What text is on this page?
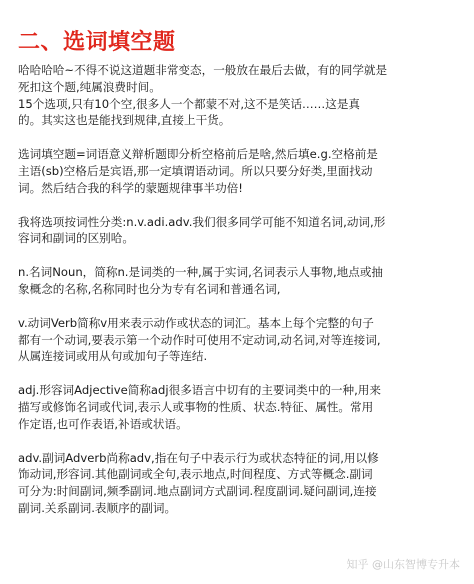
二、选词填空题
哈哈哈哈~不得不说这道题非常变态，一般放在最后去做，有的同学就是
死扣这个题,纯属浪费时间。
15个选项,只有10个空,很多人一个都蒙不对,这不是笑话……这是真
的。其实这也是能找到规律,直接上干货。
选词填空题=词语意义辩析题即分析空格前后是啥,然后填e.g.空格前是
主语(sb)空格后是宾语,那一定填谓语动词。所以只要分好类,里面找动
词。然后结合我的科学的蒙题规律事半功倍!
我将选项按词性分类:n.v.adi.adv.我们很多同学可能不知道名词,动词,形
容词和副词的区别哈。
n.名词Noun，简称n.是词类的一种,属于实词,名词表示人事物,地点或抽
象概念的名称,名称同时也分为专有名词和普通名词,
v.动词Verb简称v用来表示动作或状态的词汇。基本上每个完整的句子
都有一个动词,要表示第一个动作时可使用不定动词,动名词,对等连接词,
从属连接词或用从句或加句子等连结.
adj.形容词Adjective简称adj很多语言中切有的主要词类中的一种,用来
描写或修饰名词或代词,表示人或事物的性质、状态.特征、属性。常用
作定语,也可作表语,补语或状语。
adv.副词Adverb尚称adv,指在句子中表示行为或状态特征的词,用以修
饰动词,形容词.其他副词或全句,表示地点,时间程度、方式等概念.副词
可分为:时间副词,频季副词.地点副词方式副词.程度副词.疑问副词,连接
副词.关系副词.表顺序的副词。
知乎 @山东智博专升本
